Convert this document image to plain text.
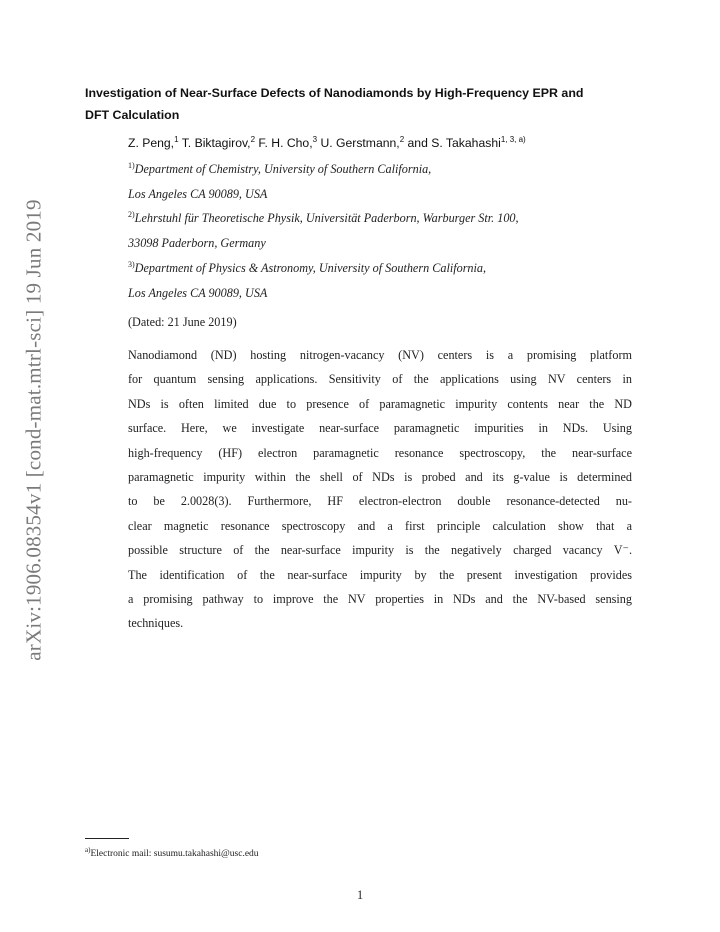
arXiv:1906.08354v1 [cond-mat.mtrl-sci] 19 Jun 2019
Investigation of Near-Surface Defects of Nanodiamonds by High-Frequency EPR and
DFT Calculation
Z. Peng,$^1$ T. Biktagirov,$^2$ F. H. Cho,$^3$ U. Gerstmann,$^2$ and S. Takahashi$^{1, 3, a)}$
$^{1)}$Department of Chemistry, University of Southern California,
Los Angeles CA 90089, USA
$^{2)}$Lehrstuhl für Theoretische Physik, Universität Paderborn, Warburger Str. 100,
33098 Paderborn, Germany
$^{3)}$Department of Physics & Astronomy, University of Southern California,
Los Angeles CA 90089, USA
(Dated: 21 June 2019)
Nanodiamond (ND) hosting nitrogen-vacancy (NV) centers is a promising platform
for quantum sensing applications. Sensitivity of the applications using NV centers in
NDs is often limited due to presence of paramagnetic impurity contents near the ND
surface. Here, we investigate near-surface paramagnetic impurities in NDs. Using
high-frequency (HF) electron paramagnetic resonance spectroscopy, the near-surface
paramagnetic impurity within the shell of NDs is probed and its g-value is determined
to be 2.0028(3). Furthermore, HF electron-electron double resonance-detected nu-
clear magnetic resonance spectroscopy and a first principle calculation show that a
possible structure of the near-surface impurity is the negatively charged vacancy V⁻.
The identification of the near-surface impurity by the present investigation provides
a promising pathway to improve the NV properties in NDs and the NV-based sensing
techniques.
$^{a)}$Electronic mail: susumu.takahashi@usc.edu
1
